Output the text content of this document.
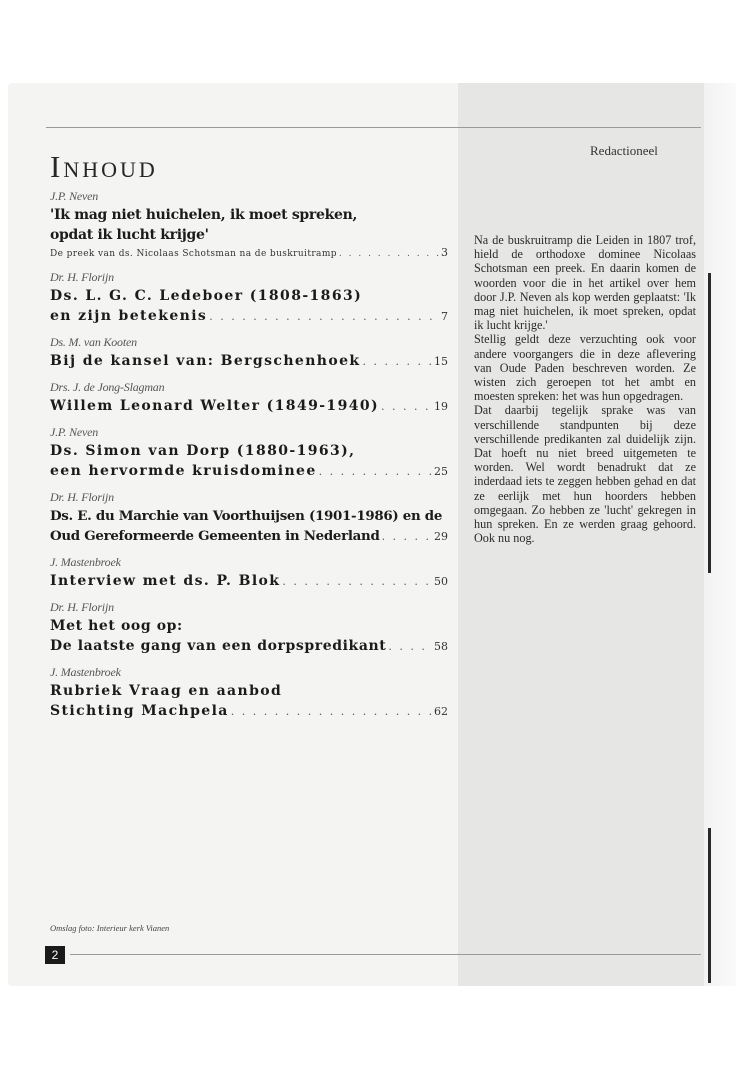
Inhoud
J.P. Neven
'Ik mag niet huichelen, ik moet spreken,
opdat ik lucht krijge'
De preek van ds. Nicolaas Schotsman na de buskruitramp . . .	3
Dr. H. Florijn
Ds. L. G. C. Ledeboer (1808-1863)
en zijn betekenis . . .	7
Ds. M. van Kooten
Bij de kansel van: Bergschenhoek . . .	15
Drs. J. de Jong-Slagman
Willem Leonard Welter (1849-1940) . . .	19
J.P. Neven
Ds. Simon van Dorp (1880-1963),
een hervormde kruisdominee . . .	25
Dr. H. Florijn
Ds. E. du Marchie van Voorthuijsen (1901-1986) en de
Oud Gereformeerde Gemeenten in Nederland . . .	29
J. Mastenbroek
Interview met ds. P. Blok . . .	50
Dr. H. Florijn
Met het oog op:
De laatste gang van een dorpspredikant . . .	58
J. Mastenbroek
Rubriek Vraag en aanbod
Stichting Machpela . . .	62
Redactioneel

Na de buskruitramp die Leiden in 1807 trof, hield de orthodoxe dominee Nicolaas Schotsman een preek. En daarin komen de woorden voor die in het artikel over hem door J.P. Neven als kop werden geplaatst: 'Ik mag niet huichelen, ik moet spreken, opdat ik lucht krijge.'

Stellig geldt deze verzuchting ook voor andere voorgangers die in deze aflevering van Oude Paden beschreven worden. Ze wisten zich geroepen tot het ambt en moesten spreken: het was hun opgedragen.

Dat daarbij tegelijk sprake was van verschillende standpunten bij deze verschillende predikanten zal duidelijk zijn. Dat hoeft nu niet breed uitgemeten te worden. Wel wordt benadrukt dat ze inderdaad iets te zeggen hebben gehad en dat ze eerlijk met hun hoorders hebben omgegaan. Zo hebben ze 'lucht' gekregen in hun spreken. En ze werden graag gehoord. Ook nu nog.

Omslag foto: Interieur kerk Vianen
2
